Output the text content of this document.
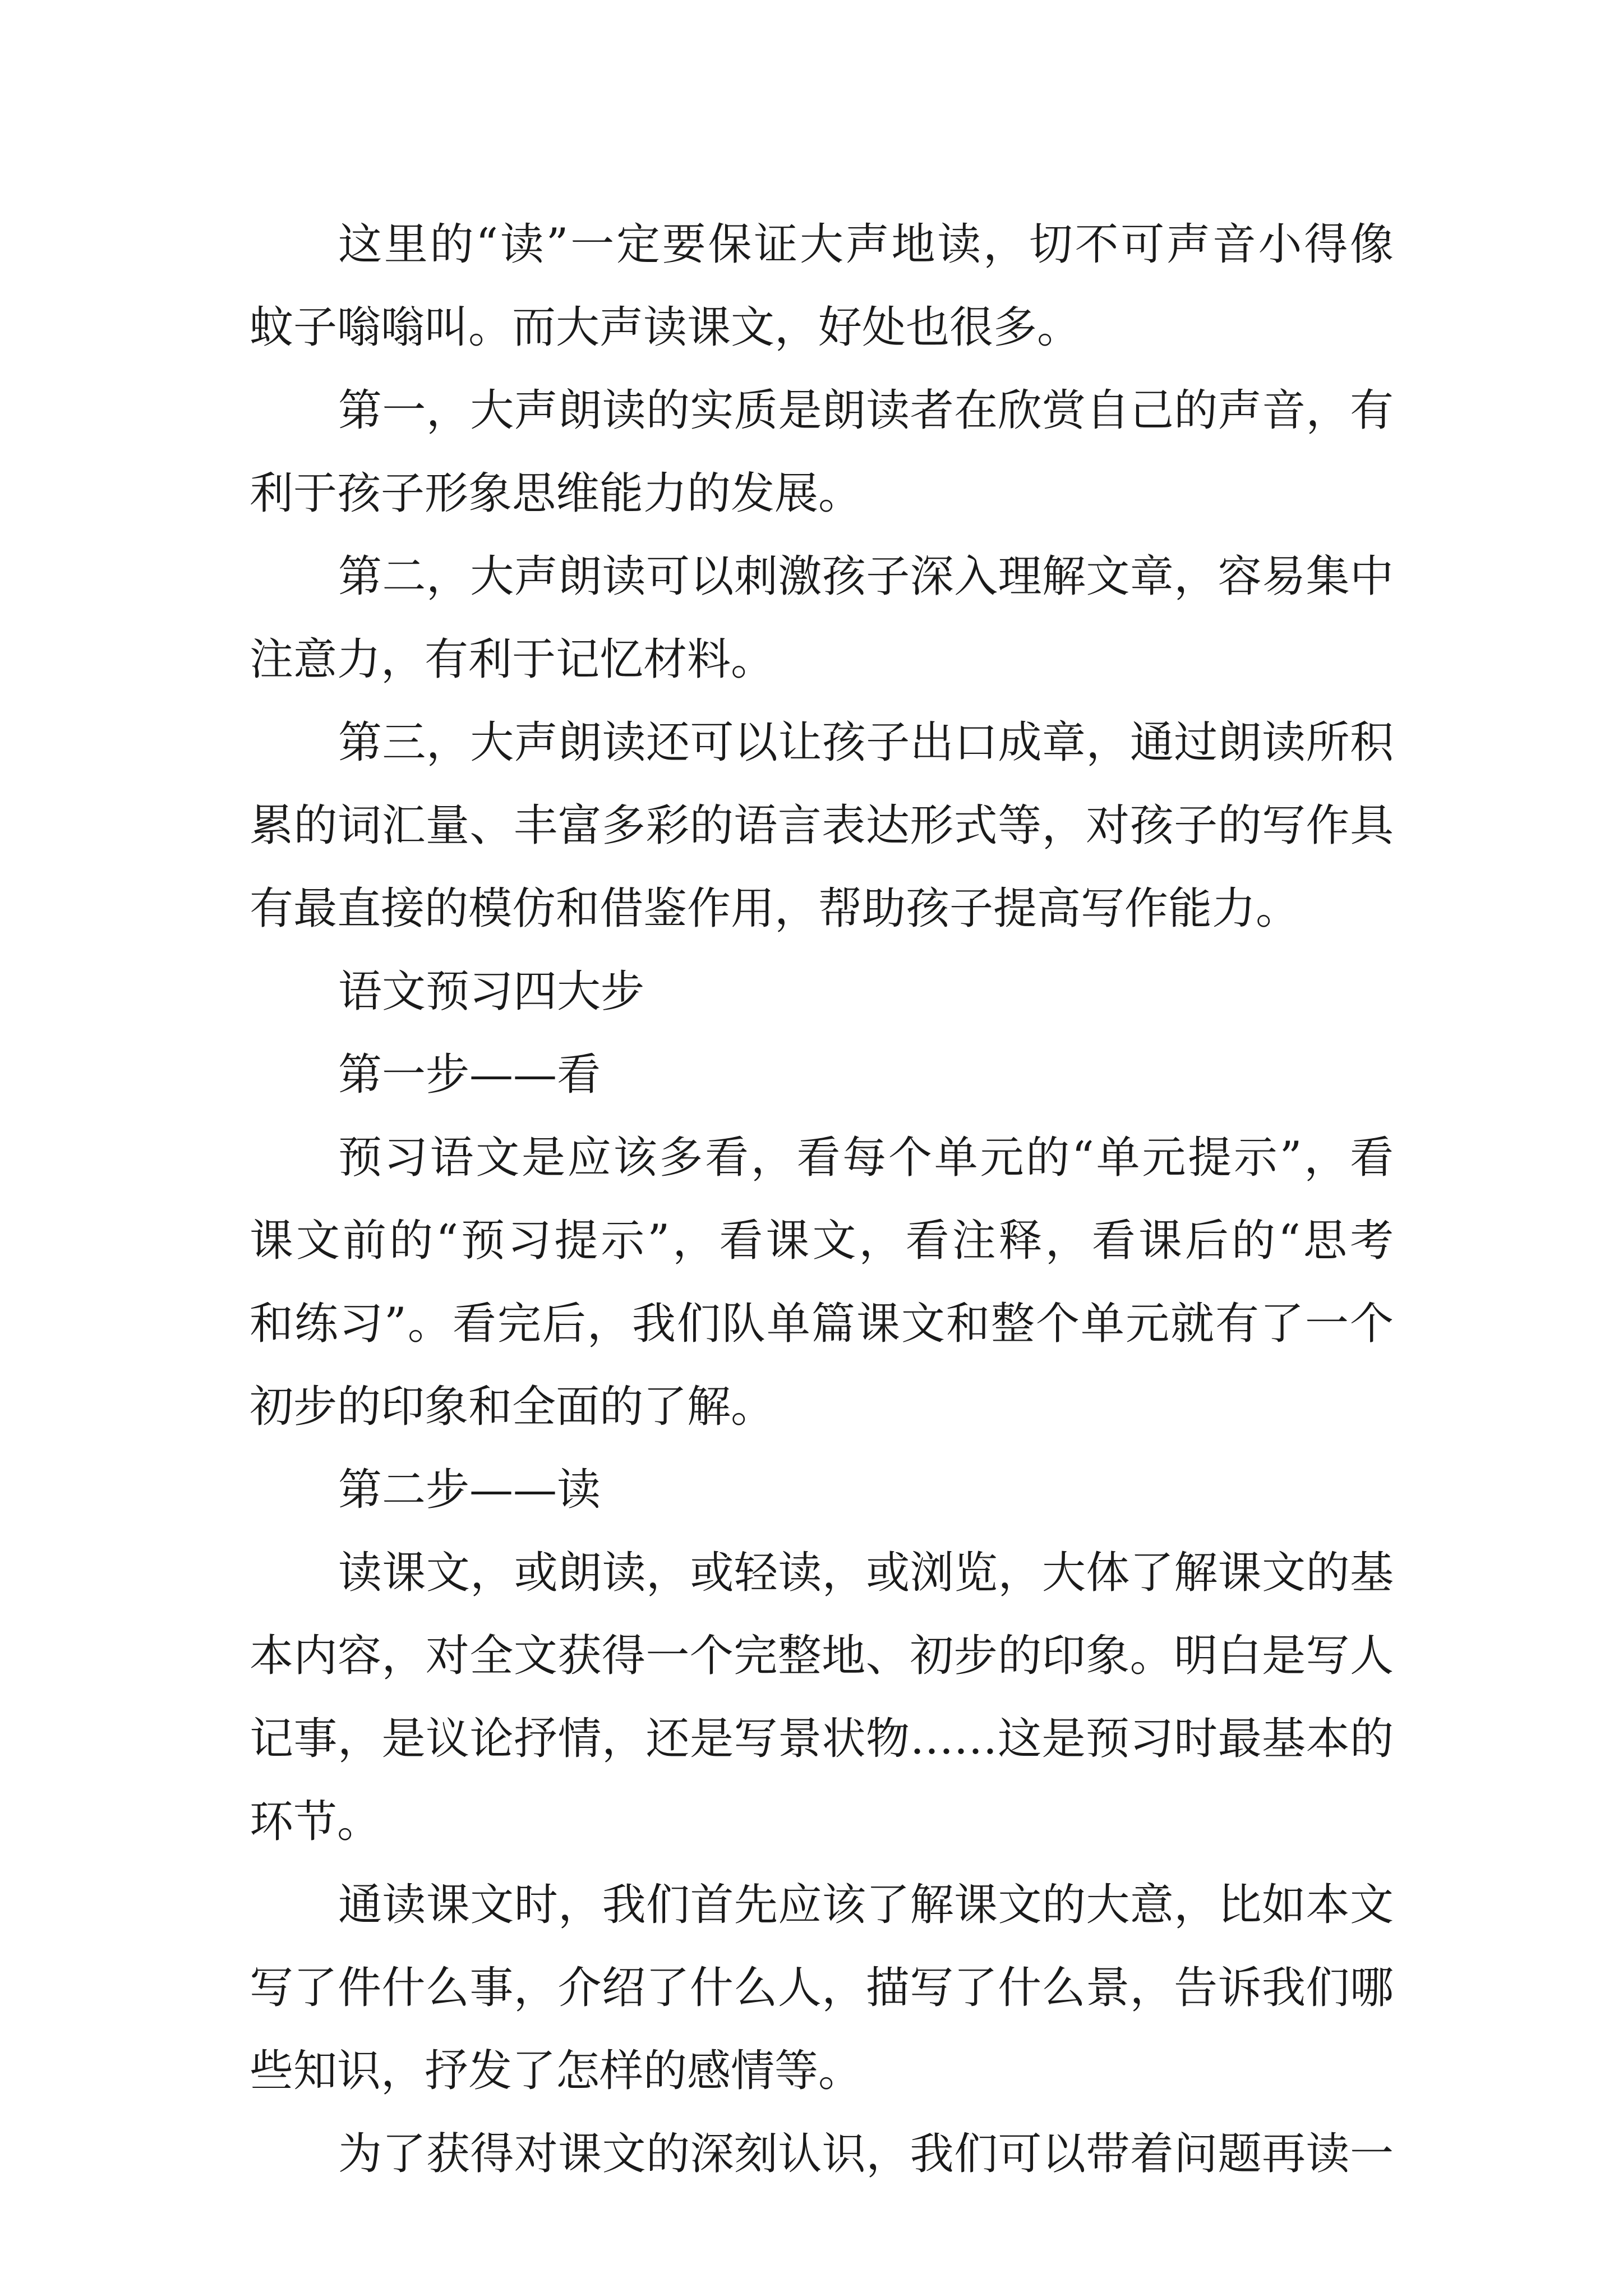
这里的“读”一定要保证大声地读，切不可声音小得像
蚊子嗡嗡叫。而大声读课文，好处也很多。
第一，大声朗读的实质是朗读者在欣赏自己的声音，有
利于孩子形象思维能力的发展。
第二，大声朗读可以刺激孩子深入理解文章，容易集中
注意力，有利于记忆材料。
第三，大声朗读还可以让孩子出口成章，通过朗读所积
累的词汇量、丰富多彩的语言表达形式等，对孩子的写作具
有最直接的模仿和借鉴作用，帮助孩子提高写作能力。
语文预习四大步
第一步——看
预习语文是应该多看，看每个单元的“单元提示”，看
课文前的“预习提示”，看课文，看注释，看课后的“思考
和练习”。看完后，我们队单篇课文和整个单元就有了一个
初步的印象和全面的了解。
第二步——读
读课文，或朗读，或轻读，或浏览，大体了解课文的基
本内容，对全文获得一个完整地、初步的印象。明白是写人
记事，是议论抒情，还是写景状物……这是预习时最基本的
环节。
通读课文时，我们首先应该了解课文的大意，比如本文
写了件什么事，介绍了什么人，描写了什么景，告诉我们哪
些知识，抒发了怎样的感情等。
为了获得对课文的深刻认识，我们可以带着问题再读一
